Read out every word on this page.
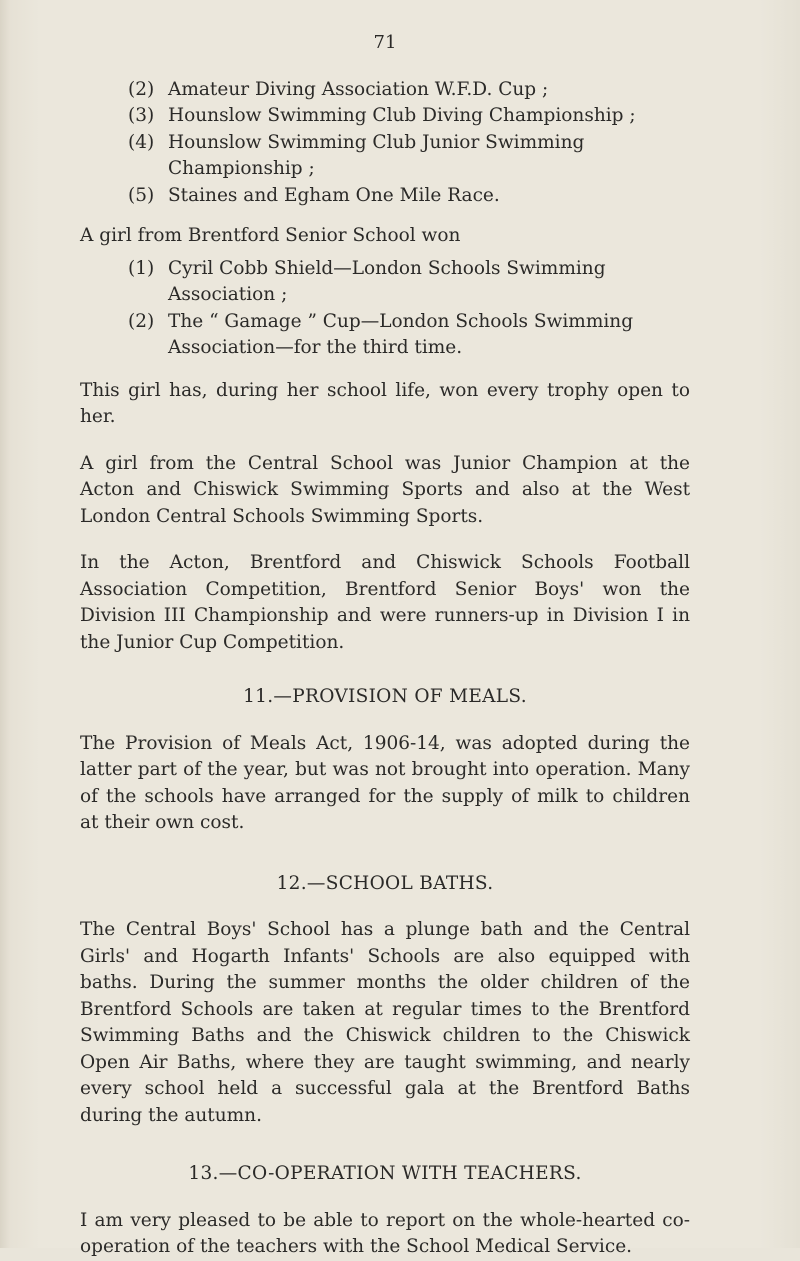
71
(2) Amateur Diving Association W.F.D. Cup ;
(3) Hounslow Swimming Club Diving Championship ;
(4) Hounslow Swimming Club Junior Swimming Championship ;
(5) Staines and Egham One Mile Race.

A girl from Brentford Senior School won

(1) Cyril Cobb Shield—London Schools Swimming Association ;
(2) The “ Gamage ” Cup—London Schools Swimming Association—for the third time.

This girl has, during her school life, won every trophy open to her.

A girl from the Central School was Junior Champion at the Acton and Chiswick Swimming Sports and also at the West London Central Schools Swimming Sports.

In the Acton, Brentford and Chiswick Schools Football Association Competition, Brentford Senior Boys' won the Division III Championship and were runners-up in Division I in the Junior Cup Competition.

11.—PROVISION OF MEALS.

The Provision of Meals Act, 1906-14, was adopted during the latter part of the year, but was not brought into operation. Many of the schools have arranged for the supply of milk to children at their own cost.

12.—SCHOOL BATHS.

The Central Boys' School has a plunge bath and the Central Girls' and Hogarth Infants' Schools are also equipped with baths. During the summer months the older children of the Brentford Schools are taken at regular times to the Brentford Swimming Baths and the Chiswick children to the Chiswick Open Air Baths, where they are taught swimming, and nearly every school held a successful gala at the Brentford Baths during the autumn.

13.—CO-OPERATION WITH TEACHERS.

I am very pleased to be able to report on the whole-hearted co-operation of the teachers with the School Medical Service.
